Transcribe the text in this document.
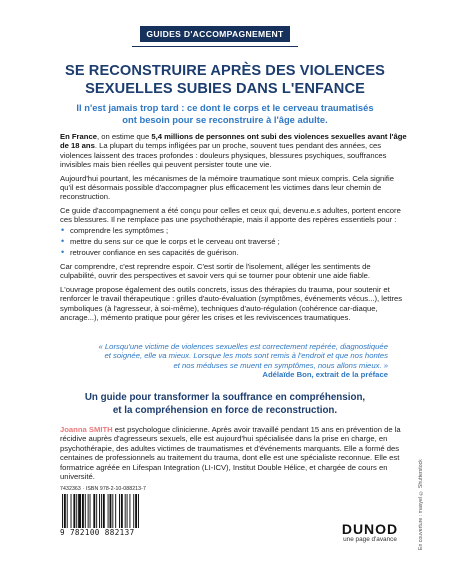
GUIDES D'ACCOMPAGNEMENT
SE RECONSTRUIRE APRÈS DES VIOLENCES
SEXUELLES SUBIES DANS L'ENFANCE
Il n'est jamais trop tard : ce dont le corps et le cerveau traumatisés
ont besoin pour se reconstruire à l'âge adulte.

En France, on estime que 5,4 millions de personnes ont subi des violences sexuelles avant l'âge de 18 ans. La plupart du temps infligées par un proche, souvent tues pendant des années, ces violences laissent des traces profondes : douleurs physiques, blessures psychiques, souffrances invisibles mais bien réelles qui peuvent persister toute une vie.

Aujourd'hui pourtant, les mécanismes de la mémoire traumatique sont mieux compris. Cela signifie qu'il est désormais possible d'accompagner plus efficacement les victimes dans leur chemin de reconstruction.

Ce guide d'accompagnement a été conçu pour celles et ceux qui, devenu.e.s adultes, portent encore ces blessures. Il ne remplace pas une psychothérapie, mais il apporte des repères essentiels pour :

• comprendre les symptômes ;
• mettre du sens sur ce que le corps et le cerveau ont traversé ;
• retrouver confiance en ses capacités de guérison.

Car comprendre, c'est reprendre espoir. C'est sortir de l'isolement, alléger les sentiments de culpabilité, ouvrir des perspectives et savoir vers qui se tourner pour obtenir une aide fiable.

L'ouvrage propose également des outils concrets, issus des thérapies du trauma, pour soutenir et renforcer le travail thérapeutique : grilles d'auto-évaluation (symptômes, événements vécus...), lettres symboliques (à l'agresseur, à soi-même), techniques d'auto-régulation (cohérence car-diaque, ancrage...), mémento pratique pour gérer les crises et les reviviscences traumatiques.

« Lorsqu'une victime de violences sexuelles est correctement repérée, diagnostiquée et soignée, elle va mieux. Lorsque les mots sont remis à l'endroit et que nos hontes et nos méduses se muent en symptômes, nous allons mieux. »
Adélaïde Bon, extrait de la préface
Un guide pour transformer la souffrance en compréhension,
et la compréhension en force de reconstruction.
Joanna SMITH est psychologue clinicienne. Après avoir travaillé pendant 15 ans en prévention de la récidive auprès d'agresseurs sexuels, elle est aujourd'hui spécialisée dans la prise en charge, en psychothérapie, des adultes victimes de traumatismes et d'événements marquants. Elle a formé des centaines de professionnels au traitement du trauma, dont elle est une spécialiste reconnue. Elle est formatrice agréée en Lifespan Integration (LI-ICV), Institut Double Hélice, et chargée de cours en université.	En couverture : masyel © Shutterstock
7432363 · ISBN 978-2-10-088213-7
9 782100 882137	DUNOD
une page d'avance
